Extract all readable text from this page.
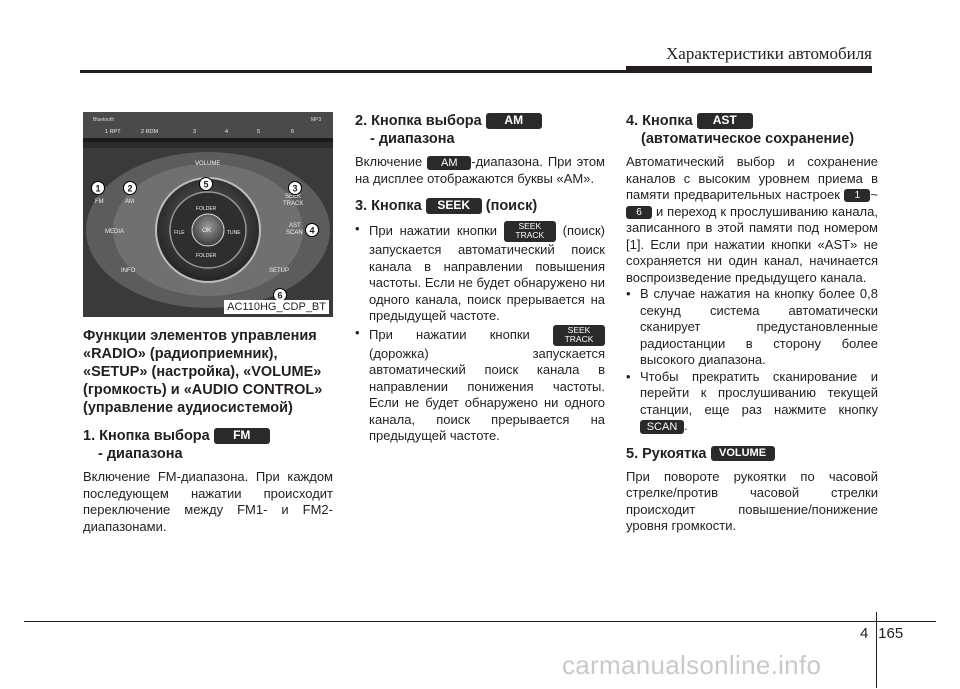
Характеристики автомобиля
Bluetooth	MP3
1 RPT	2 RDM	3	4	5	6
FM	AM
MEDIA
INFO
VOLUME
SEEK
TRACK
AST
SCAN
SETUP
OK
FOLDER
FOLDER
FILE	TUNE
1	2	3
4
5
6
AC110HG_CDP_BT
Функции элементов управления «RADIO» (радиоприемник), «SETUP» (настройка), «VOLUME» (громкость) и «AUDIO CONTROL» (управление аудиосистемой)
1. Кнопка выбора FM
- диапазона
Включение FM-диапазона. При каждом последующем нажатии происходит переключение между FM1- и FM2-диапазонами.
2. Кнопка выбора AM
- диапазона
Включение AM -диапазона. При этом на дисплее отображаются буквы «AM».
3. Кнопка SEEK (поиск)
• При нажатии кнопки	SEEK
TRACK (поиск) запускается автоматический поиск канала в направлении повышения частоты. Если не будет обнаружено ни одного канала, поиск прерывается на предыдущей частоте.
• При нажатии кнопки	SEEK
TRACK (дорожка) запускается автоматический поиск канала в направлении понижения частоты. Если не будет обнаружено ни одного канала, поиск прерывается на предыдущей частоте.
4. Кнопка AST
(автоматическое сохранение)
Автоматический выбор и сохранение каналов с высоким уровнем приема в памяти предварительных настроек 1 ~6 и переход к прослушиванию канала, записанного в этой памяти под номером [1]. Если при нажатии кнопки «AST» не сохраняется ни один канал, начинается воспроизведение предыдущего канала.
• В случае нажатия на кнопку более 0,8 секунд система автоматически сканирует предустановленные радиостанции в сторону более высокого диапазона.
• Чтобы прекратить сканирование и перейти к прослушиванию текущей станции, еще раз нажмите кнопку SCAN .
5. Рукоятка VOLUME
При повороте рукоятки по часовой стрелке/против часовой стрелки происходит повышение/понижение уровня громкости.
4 165
carmanualsonline.info
